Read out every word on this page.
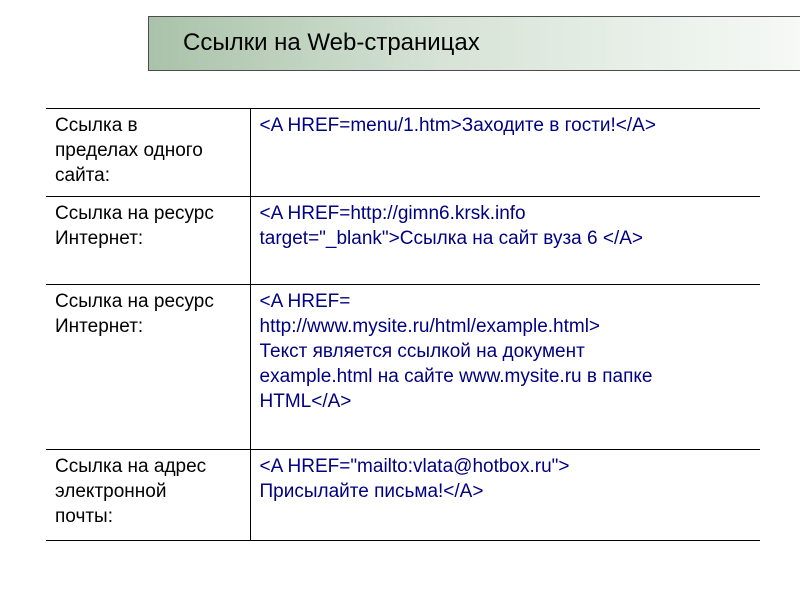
Ссылки на Web-страницах
Ссылка в
пределах одного
сайта:	<A HREF=menu/1.htm>Заходите в гости!</A>

Ссылка на ресурс
Интернет:	<A HREF=http://gimn6.krsk.info
target="_blank">Ссылка на сайт вуза 6 </A>

Ссылка на ресурс
Интернет:	<A HREF=
http://www.mysite.ru/html/example.html>
Текст является ссылкой на документ
example.html на сайте www.mysite.ru в папке
HTML</A>

Ссылка на адрес
электронной
почты:	<A HREF="mailto:vlata@hotbox.ru">
Присылайте письма!</A>
